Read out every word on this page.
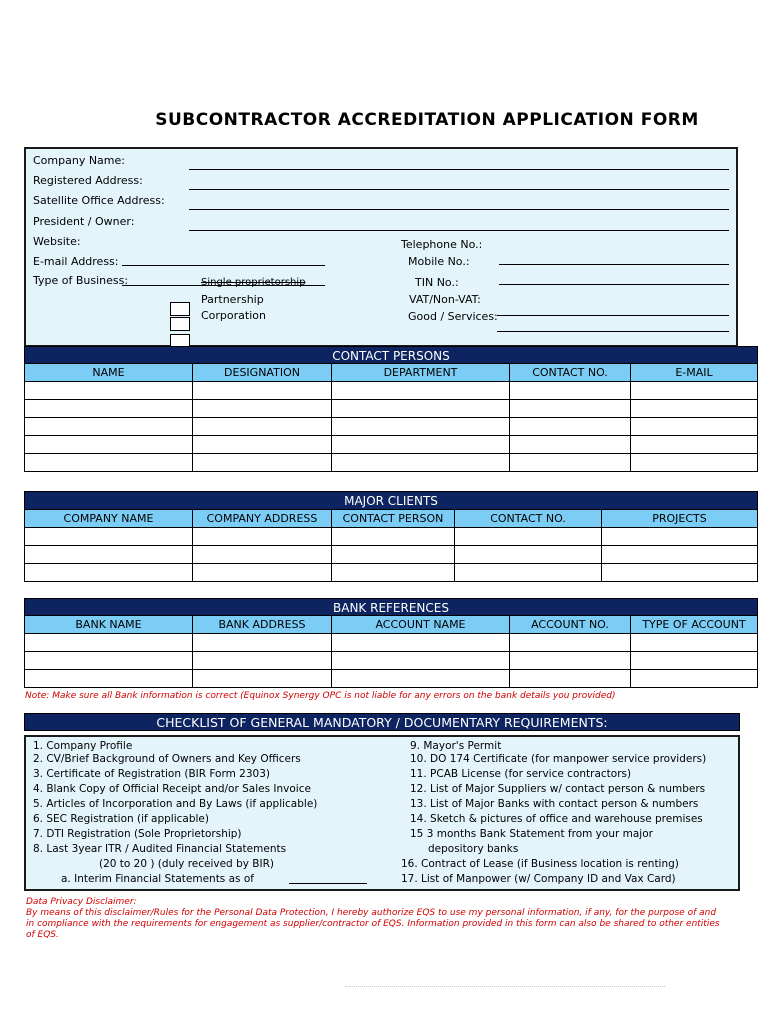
SUBCONTRACTOR ACCREDITATION APPLICATION FORM
Company Name:
Registered Address:
Satellite Office Address:
President / Owner:
Website:	Telephone No.:
E-mail Address:	Mobile No.:
Type of Business:	Single proprietorship
Partnership
Corporation
TIN No.:
VAT/Non-VAT:
Good / Services:
CONTACT PERSONS
NAME	DESIGNATION	DEPARTMENT	CONTACT NO.	E-MAIL

MAJOR CLIENTS
COMPANY NAME	COMPANY ADDRESS	CONTACT PERSON	CONTACT NO.	PROJECTS

BANK REFERENCES
BANK NAME	BANK ADDRESS	ACCOUNT NAME	ACCOUNT NO.	TYPE OF ACCOUNT

Note: Make sure all Bank information is correct (Equinox Synergy OPC is not liable for any errors on the bank details you provided)
CHECKLIST OF GENERAL MANDATORY / DOCUMENTARY REQUIREMENTS:
1. Company Profile
2. CV/Brief Background of Owners and Key Officers
3. Certificate of Registration (BIR Form 2303)
4. Blank Copy of Official Receipt and/or Sales Invoice
5. Articles of Incorporation and By Laws (if applicable)
6. SEC Registration (if applicable)
7. DTI Registration (Sole Proprietorship)
8. Last 3year ITR / Audited Financial Statements
(20 to 20 ) (duly received by BIR)
a. Interim Financial Statements as of
9. Mayor's Permit
10. DO 174 Certificate (for manpower service providers)
11. PCAB License (for service contractors)
12. List of Major Suppliers w/ contact person & numbers
13. List of Major Banks with contact person & numbers
14. Sketch & pictures of office and warehouse premises
15 3 months Bank Statement from your major
depository banks
16. Contract of Lease (if Business location is renting)
17. List of Manpower (w/ Company ID and Vax Card)
Data Privacy Disclaimer:
By means of this disclaimer/Rules for the Personal Data Protection, I hereby authorize EQS to use my personal information, if any, for the purpose of and in compliance with the requirements for engagement as supplier/contractor of EQS. Information provided in this form can also be shared to other entities of EQS.
